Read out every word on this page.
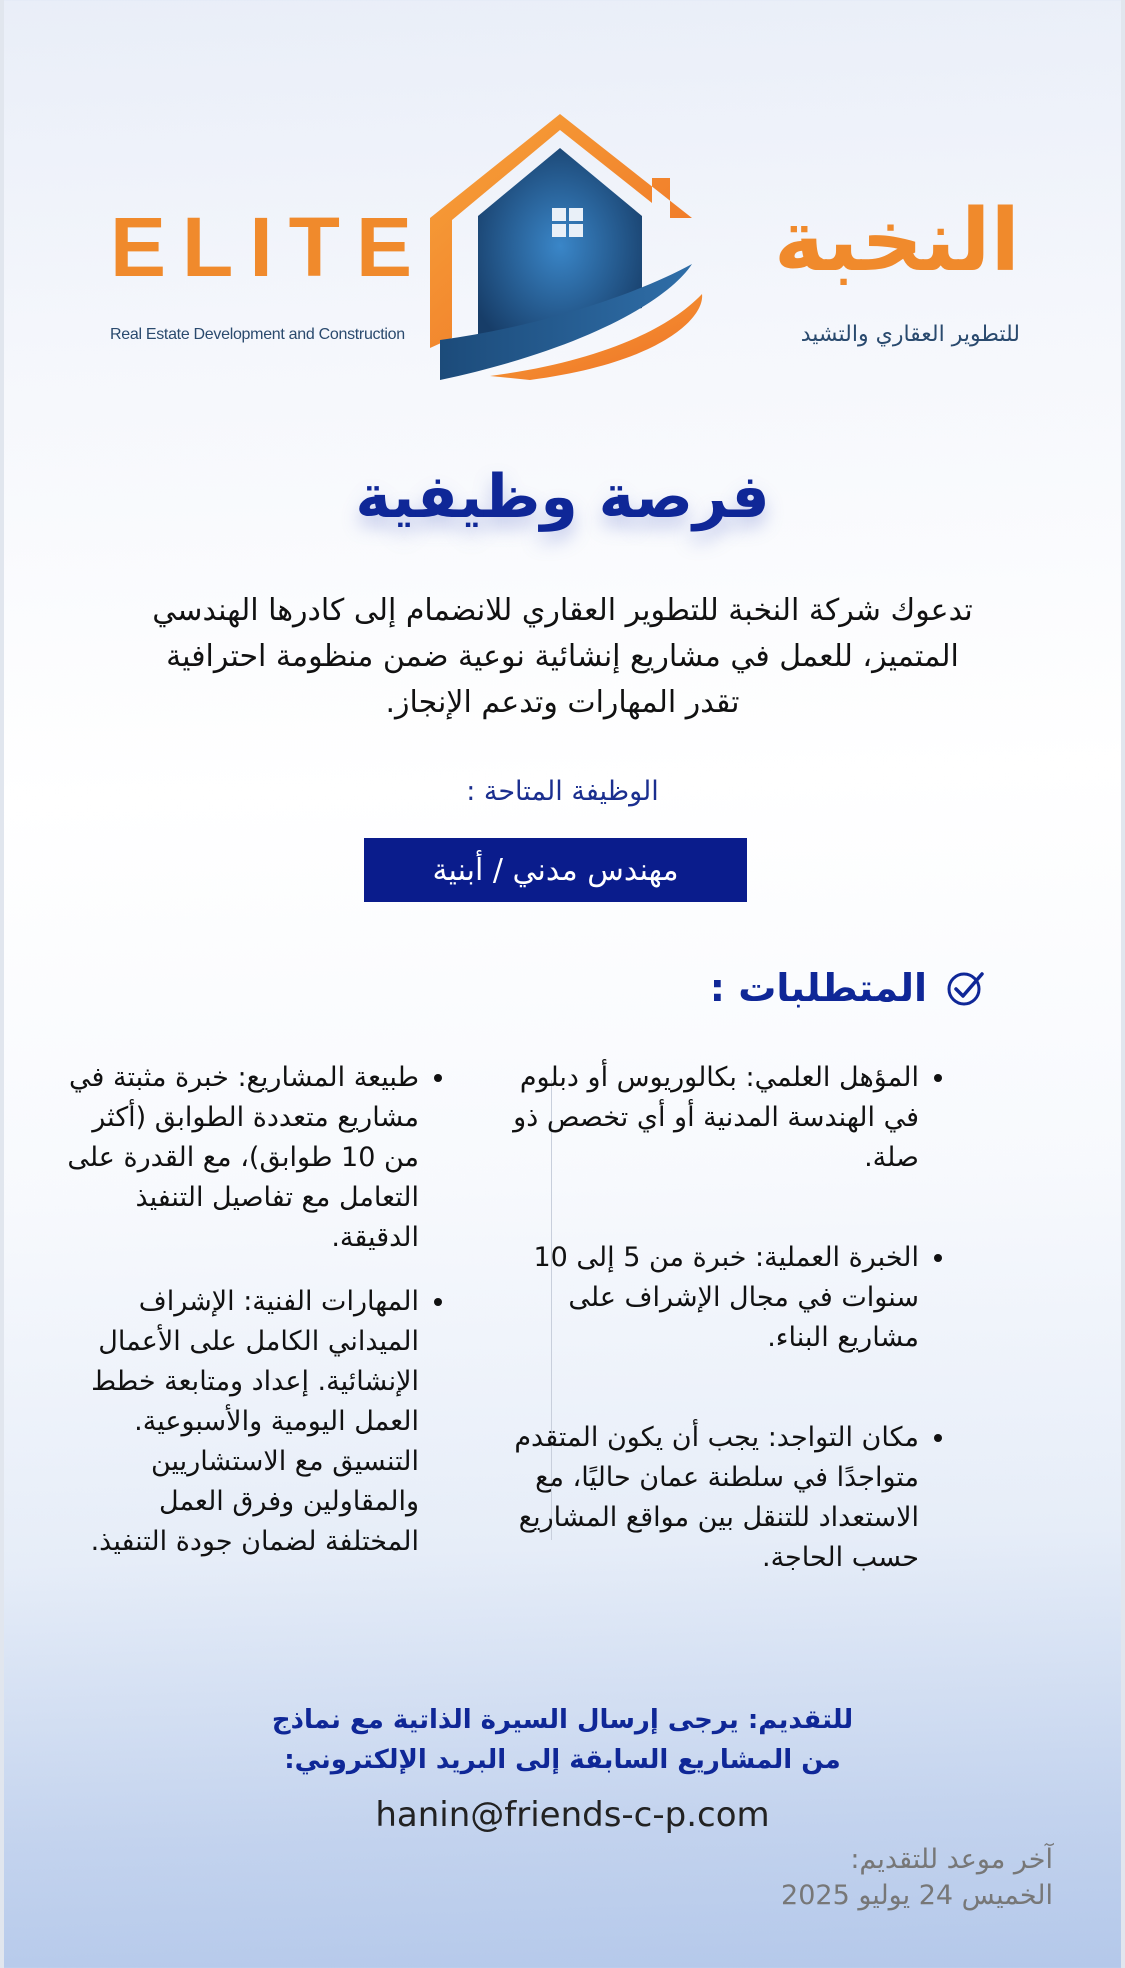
ELITE
Real Estate Development and Construction
النخبة
للتطوير العقاري والتشيد
فرصة وظيفية
تدعوك شركة النخبة للتطوير العقاري للانضمام إلى كادرها الهندسي المتميز، للعمل في مشاريع إنشائية نوعية ضمن منظومة احترافية تقدر المهارات وتدعم الإنجاز.
الوظيفة المتاحة :
مهندس مدني / أبنية
المتطلبات :
• المؤهل العلمي: بكالوريوس أو دبلوم في الهندسة المدنية أو أي تخصص ذو صلة.
• الخبرة العملية: خبرة من 5 إلى 10 سنوات في مجال الإشراف على مشاريع البناء.
• مكان التواجد: يجب أن يكون المتقدم متواجدًا في سلطنة عمان حاليًا، مع الاستعداد للتنقل بين مواقع المشاريع حسب الحاجة.
• طبيعة المشاريع: خبرة مثبتة في مشاريع متعددة الطوابق (أكثر من 10 طوابق)، مع القدرة على التعامل مع تفاصيل التنفيذ الدقيقة.
• المهارات الفنية: الإشراف الميداني الكامل على الأعمال الإنشائية. إعداد ومتابعة خطط العمل اليومية والأسبوعية. التنسيق مع الاستشاريين والمقاولين وفرق العمل المختلفة لضمان جودة التنفيذ.
للتقديم: يرجى إرسال السيرة الذاتية مع نماذج
من المشاريع السابقة إلى البريد الإلكتروني:
hanin@friends-c-p.com
آخر موعد للتقديم:
الخميس 24 يوليو 2025
